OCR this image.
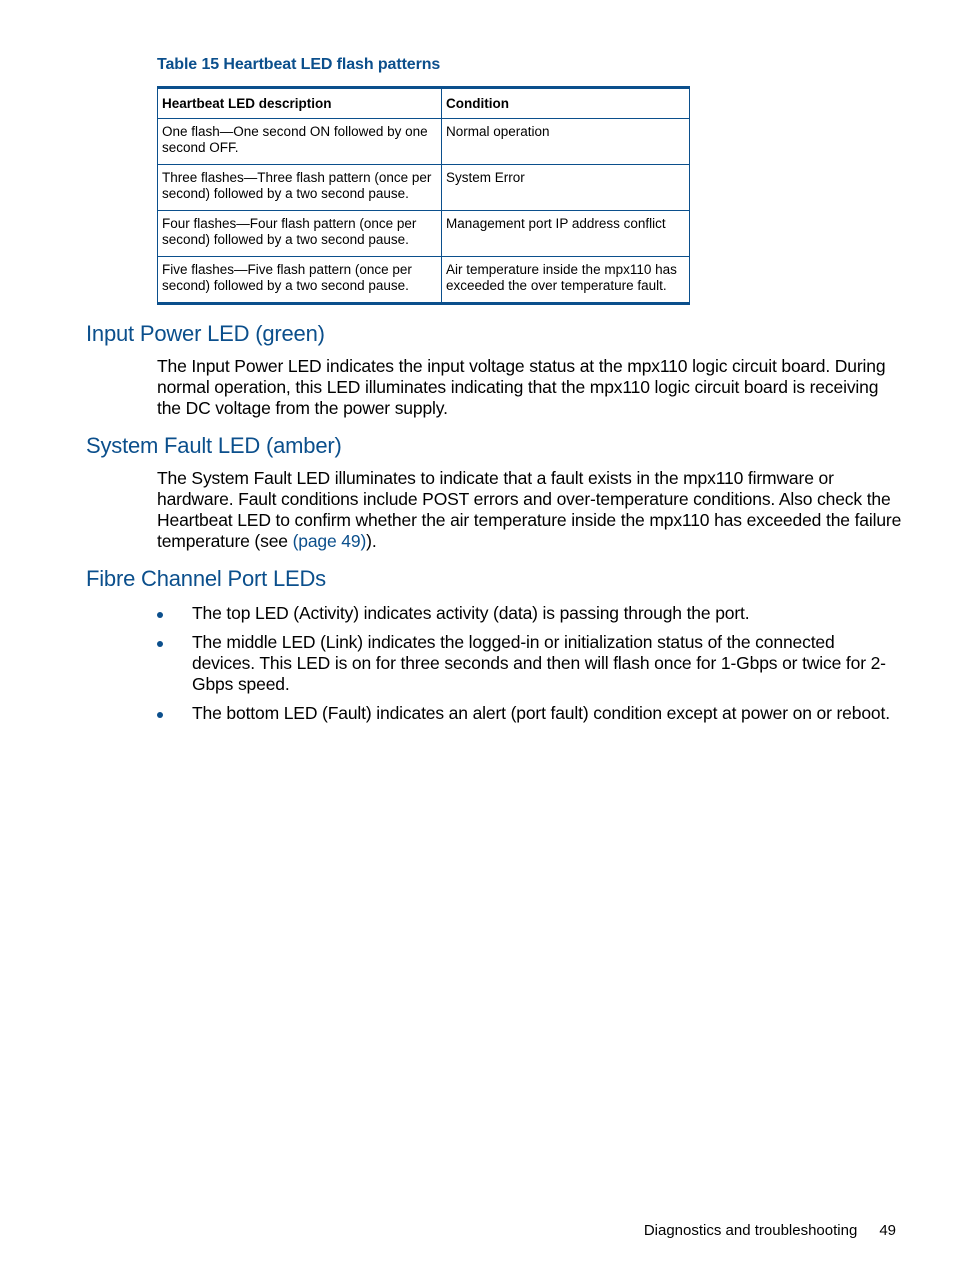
Table 15 Heartbeat LED flash patterns
Heartbeat LED description	Condition
One flash—One second ON followed by one second OFF.	Normal operation
Three flashes—Three flash pattern (once per second) followed by a two second pause.	System Error
Four flashes—Four flash pattern (once per second) followed by a two second pause.	Management port IP address conflict
Five flashes—Five flash pattern (once per second) followed by a two second pause.	Air temperature inside the mpx110 has exceeded the over temperature fault.
Input Power LED (green)

The Input Power LED indicates the input voltage status at the mpx110 logic circuit board. During normal operation, this LED illuminates indicating that the mpx110 logic circuit board is receiving the DC voltage from the power supply.

System Fault LED (amber)

The System Fault LED illuminates to indicate that a fault exists in the mpx110 firmware or hardware. Fault conditions include POST errors and over-temperature conditions. Also check the Heartbeat LED to confirm whether the air temperature inside the mpx110 has exceeded the failure temperature (see (page 49)).

Fibre Channel Port LEDs
The top LED (Activity) indicates activity (data) is passing through the port.
The middle LED (Link) indicates the logged-in or initialization status of the connected devices. This LED is on for three seconds and then will flash once for 1-Gbps or twice for 2-Gbps speed.
The bottom LED (Fault) indicates an alert (port fault) condition except at power on or reboot.
Diagnostics and troubleshooting 49
